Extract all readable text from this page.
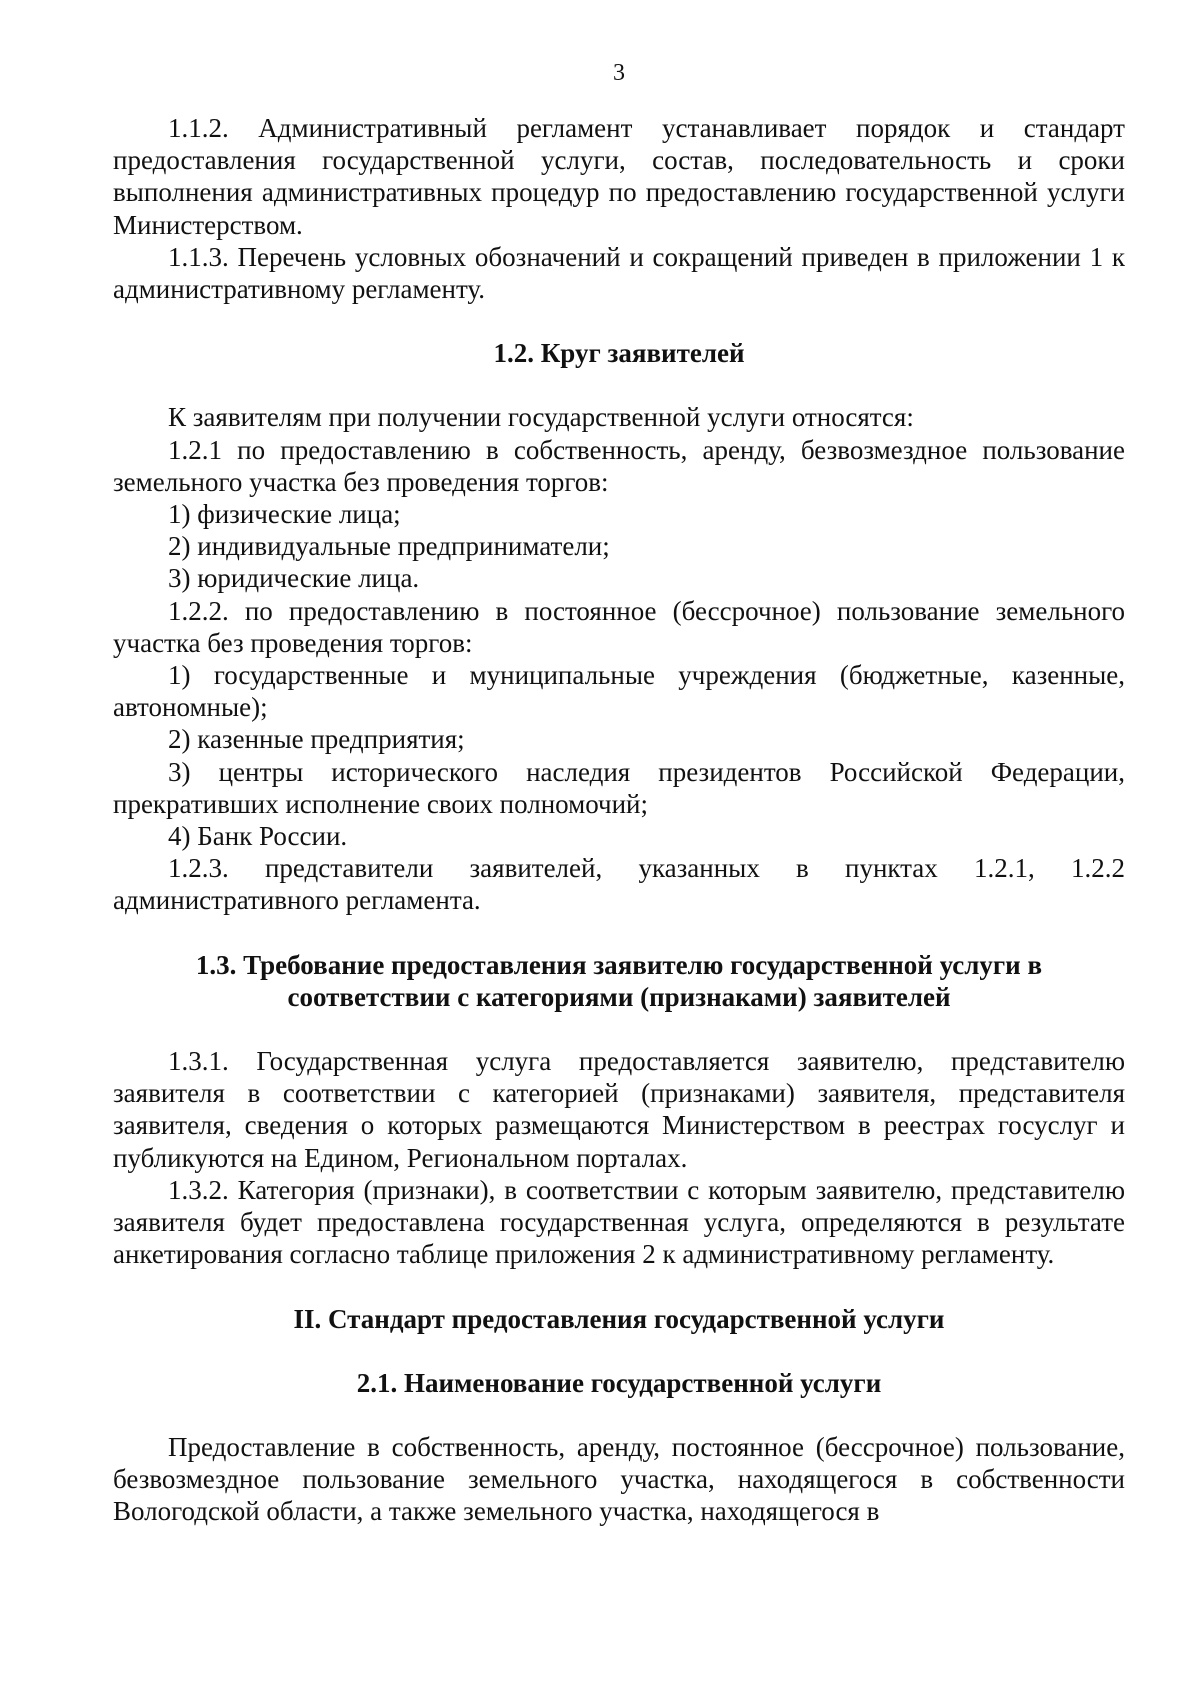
3

1.1.2. Административный регламент устанавливает порядок и стандарт предоставления государственной услуги, состав, последовательность и сроки выполнения административных процедур по предоставлению государственной услуги Министерством.

1.1.3. Перечень условных обозначений и сокращений приведен в приложении 1 к административному регламенту.

1.2. Круг заявителей

К заявителям при получении государственной услуги относятся:

1.2.1 по предоставлению в собственность, аренду, безвозмездное пользование земельного участка без проведения торгов:

1) физические лица;

2) индивидуальные предприниматели;

3) юридические лица.

1.2.2. по предоставлению в постоянное (бессрочное) пользование земельного участка без проведения торгов:

1) государственные и муниципальные учреждения (бюджетные, казенные, автономные);

2) казенные предприятия;

3) центры исторического наследия президентов Российской Федерации, прекративших исполнение своих полномочий;

4) Банк России.

1.2.3. представители заявителей, указанных в пунктах 1.2.1, 1.2.2 административного регламента.

1.3. Требование предоставления заявителю государственной услуги в
соответствии с категориями (признаками) заявителей

1.3.1. Государственная услуга предоставляется заявителю, представителю заявителя в соответствии с категорией (признаками) заявителя, представителя заявителя, сведения о которых размещаются Министерством в реестрах госуслуг и публикуются на Едином, Региональном порталах.

1.3.2. Категория (признаки), в соответствии с которым заявителю, представителю заявителя будет предоставлена государственная услуга, определяются в результате анкетирования согласно таблице приложения 2 к административному регламенту.

II. Стандарт предоставления государственной услуги
2.1. Наименование государственной услуги

Предоставление в собственность, аренду, постоянное (бессрочное) пользование, безвозмездное пользование земельного участка, находящегося в собственности Вологодской области, а также земельного участка, находящегося в
